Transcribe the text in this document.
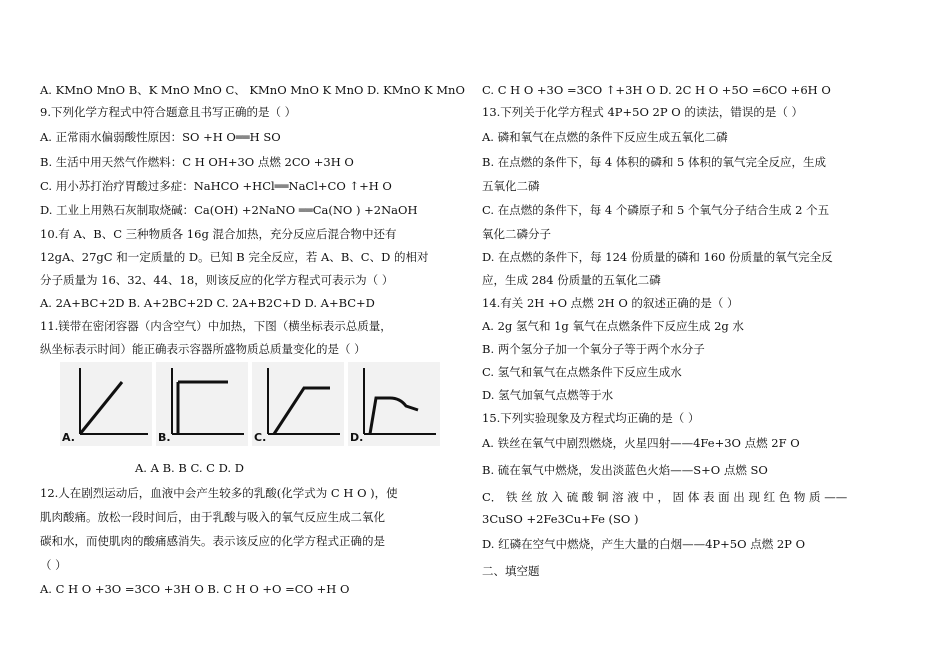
A. KMnO MnO B、K MnO MnO C、 KMnO MnO K MnO D. KMnO K MnO
9.下列化学方程式中符合题意且书写正确的是（ ）
A. 正常雨水偏弱酸性原因：SO +H O══H SO
B. 生活中用天然气作燃料：C H OH+3O 点燃 2CO +3H O
C. 用小苏打治疗胃酸过多症：NaHCO +HCl══NaCl+CO ↑+H O
D. 工业上用熟石灰制取烧碱：Ca(OH) +2NaNO ══Ca(NO ) +2NaOH
10.有 A、B、C 三种物质各 16g 混合加热，充分反应后混合物中还有
12gA、27gC 和一定质量的 D。已知 B 完全反应，若 A、B、C、D 的相对
分子质量为 16、32、44、18，则该反应的化学方程式可表示为（ ）
A. 2A+BC+2D B. A+2BC+2D C. 2A+B2C+D D. A+BC+D
11.镁带在密闭容器（内含空气）中加热，下图（横坐标表示总质量，
纵坐标表示时间）能正确表示容器所盛物质总质量变化的是（ ）
A. A B. B C. C D. D
12.人在剧烈运动后，血液中会产生较多的乳酸(化学式为 C H O )，使
肌肉酸痛。放松一段时间后，由于乳酸与吸入的氧气反应生成二氧化
碳和水，而使肌肉的酸痛感消失。表示该反应的化学方程式正确的是
（ ）
A. C H O +3O =3CO +3H O B. C H O +O =CO +H O
A.	B.	C.	D.
C. C H O +3O =3CO ↑+3H O D. 2C H O +5O =6CO +6H O
13.下列关于化学方程式 4P+5O 2P O 的读法，错误的是（ ）
A. 磷和氧气在点燃的条件下反应生成五氧化二磷
B. 在点燃的条件下，每 4 体积的磷和 5 体积的氧气完全反应，生成
五氧化二磷
C. 在点燃的条件下，每 4 个磷原子和 5 个氧气分子结合生成 2 个五
氧化二磷分子
D. 在点燃的条件下，每 124 份质量的磷和 160 份质量的氧气完全反
应，生成 284 份质量的五氧化二磷
14.有关 2H +O 点燃 2H O 的叙述正确的是（ ）
A. 2g 氢气和 1g 氧气在点燃条件下反应生成 2g 水
B. 两个氢分子加一个氧分子等于两个水分子
C. 氢气和氧气在点燃条件下反应生成水
D. 氢气加氧气点燃等于水
15.下列实验现象及方程式均正确的是（ ）
A. 铁丝在氧气中剧烈燃烧，火星四射——4Fe+3O 点燃 2F O
B. 硫在氧气中燃烧，发出淡蓝色火焰——S+O 点燃 SO
C． 铁 丝 放 入 硫 酸 铜 溶 液 中 ， 固 体 表 面 出 现 红 色 物 质 ——
3CuSO +2Fe3Cu+Fe (SO )
D. 红磷在空气中燃烧，产生大量的白烟——4P+5O 点燃 2P O
二、填空题
